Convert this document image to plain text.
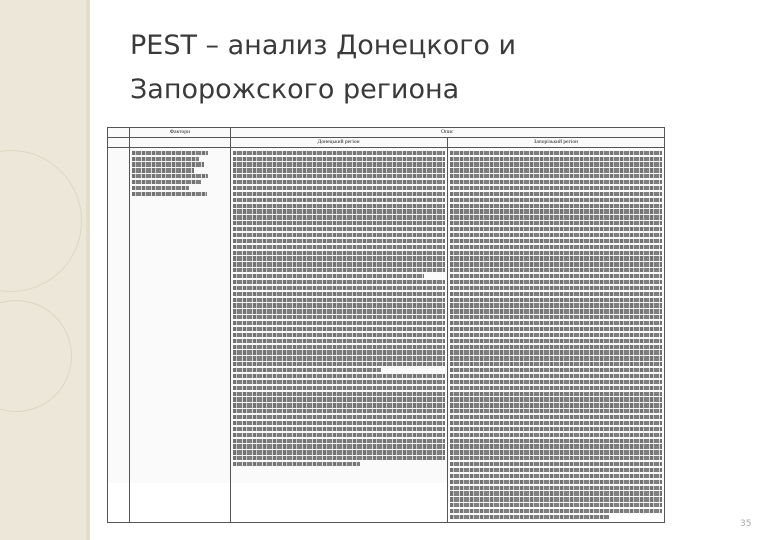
PEST – анализ Донецкого и
Запорожского региона
	Фактори	Опис	
		Донецький регіон	Запорізький регіон

35
